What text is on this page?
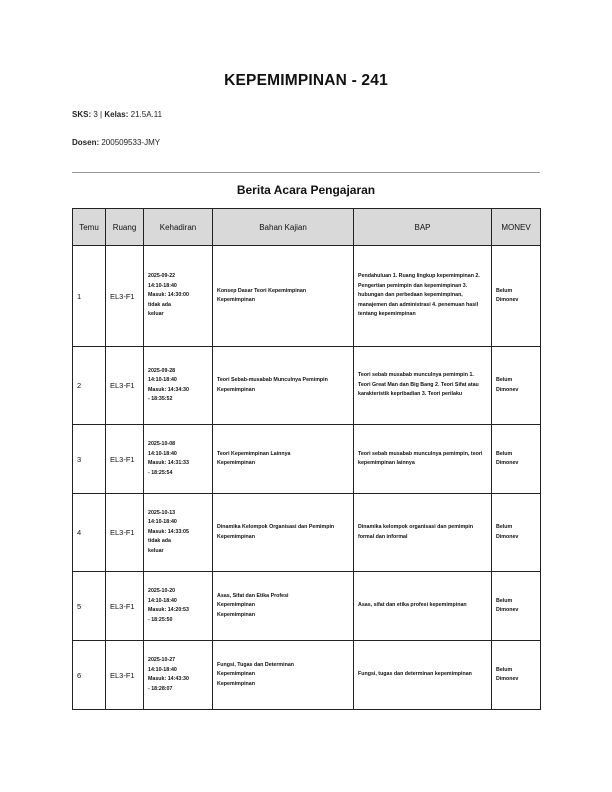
KEPEMIMPINAN - 241
SKS: 3 | Kelas: 21.5A.11
Dosen: 200509533-JMY
Berita Acara Pengajaran
Temu	Ruang	Kehadiran	Bahan Kajian	BAP	MONEV
1	EL3-F1	2025-09-22
14:10-18:40
Masuk: 14:30:00
tidak ada
keluar	Konsep Dasar Teori Kepemimpinan
Kepemimpinan	Pendahuluan 1. Ruang lingkup kepemimpinan 2. Pengertian pemimpin dan kepemimpinan 3. hubungan dan perbedaan kepemimpinan, manajemen dan administrasi 4. penemuan hasil tentang kepemimpinan	Belum
Dimonev

2	EL3-F1	2025-09-28
14:10-18:40
Masuk: 14:34:30
- 18:35:52	Teori Sebab-musabab Munculnya Pemimpin
Kepemimpinan	Teori sebab musabab munculnya pemimpin 1. Teori Great Man dan Big Bang 2. Teori Sifat atau karakteristik kepribadian 3. Teori perilaku	Belum
Dimonev

3	EL3-F1	2025-10-08
14:10-18:40
Masuk: 14:31:33
- 18:25:54	Teori Kepemimpinan Lainnya
Kepemimpinan	Teori sebab musabab munculnya pemimpin, teori kepemimpinan lainnya	Belum
Dimonev

4	EL3-F1	2025-10-13
14:10-18:40
Masuk: 14:33:05
tidak ada
keluar	Dinamika Kelompok Organisasi dan Pemimpin
Kepemimpinan	Dinamika kelompok organisasi dan pemimpin formal dan informal	Belum
Dimonev

5	EL3-F1	2025-10-20
14:10-18:40
Masuk: 14:20:53
- 18:25:50	Asas, Sifat dan Etika Profesi
Kepemimpinan
Kepemimpinan	Asas, sifat dan etika profesi kepemimpinan	Belum
Dimonev

6	EL3-F1	2025-10-27
14:10-18:40
Masuk: 14:43:30
- 18:28:07	Fungsi, Tugas dan Determinan
Kepemimpinan
Kepemimpinan	Fungsi, tugas dan determinan kepemimpinan	Belum
Dimonev
